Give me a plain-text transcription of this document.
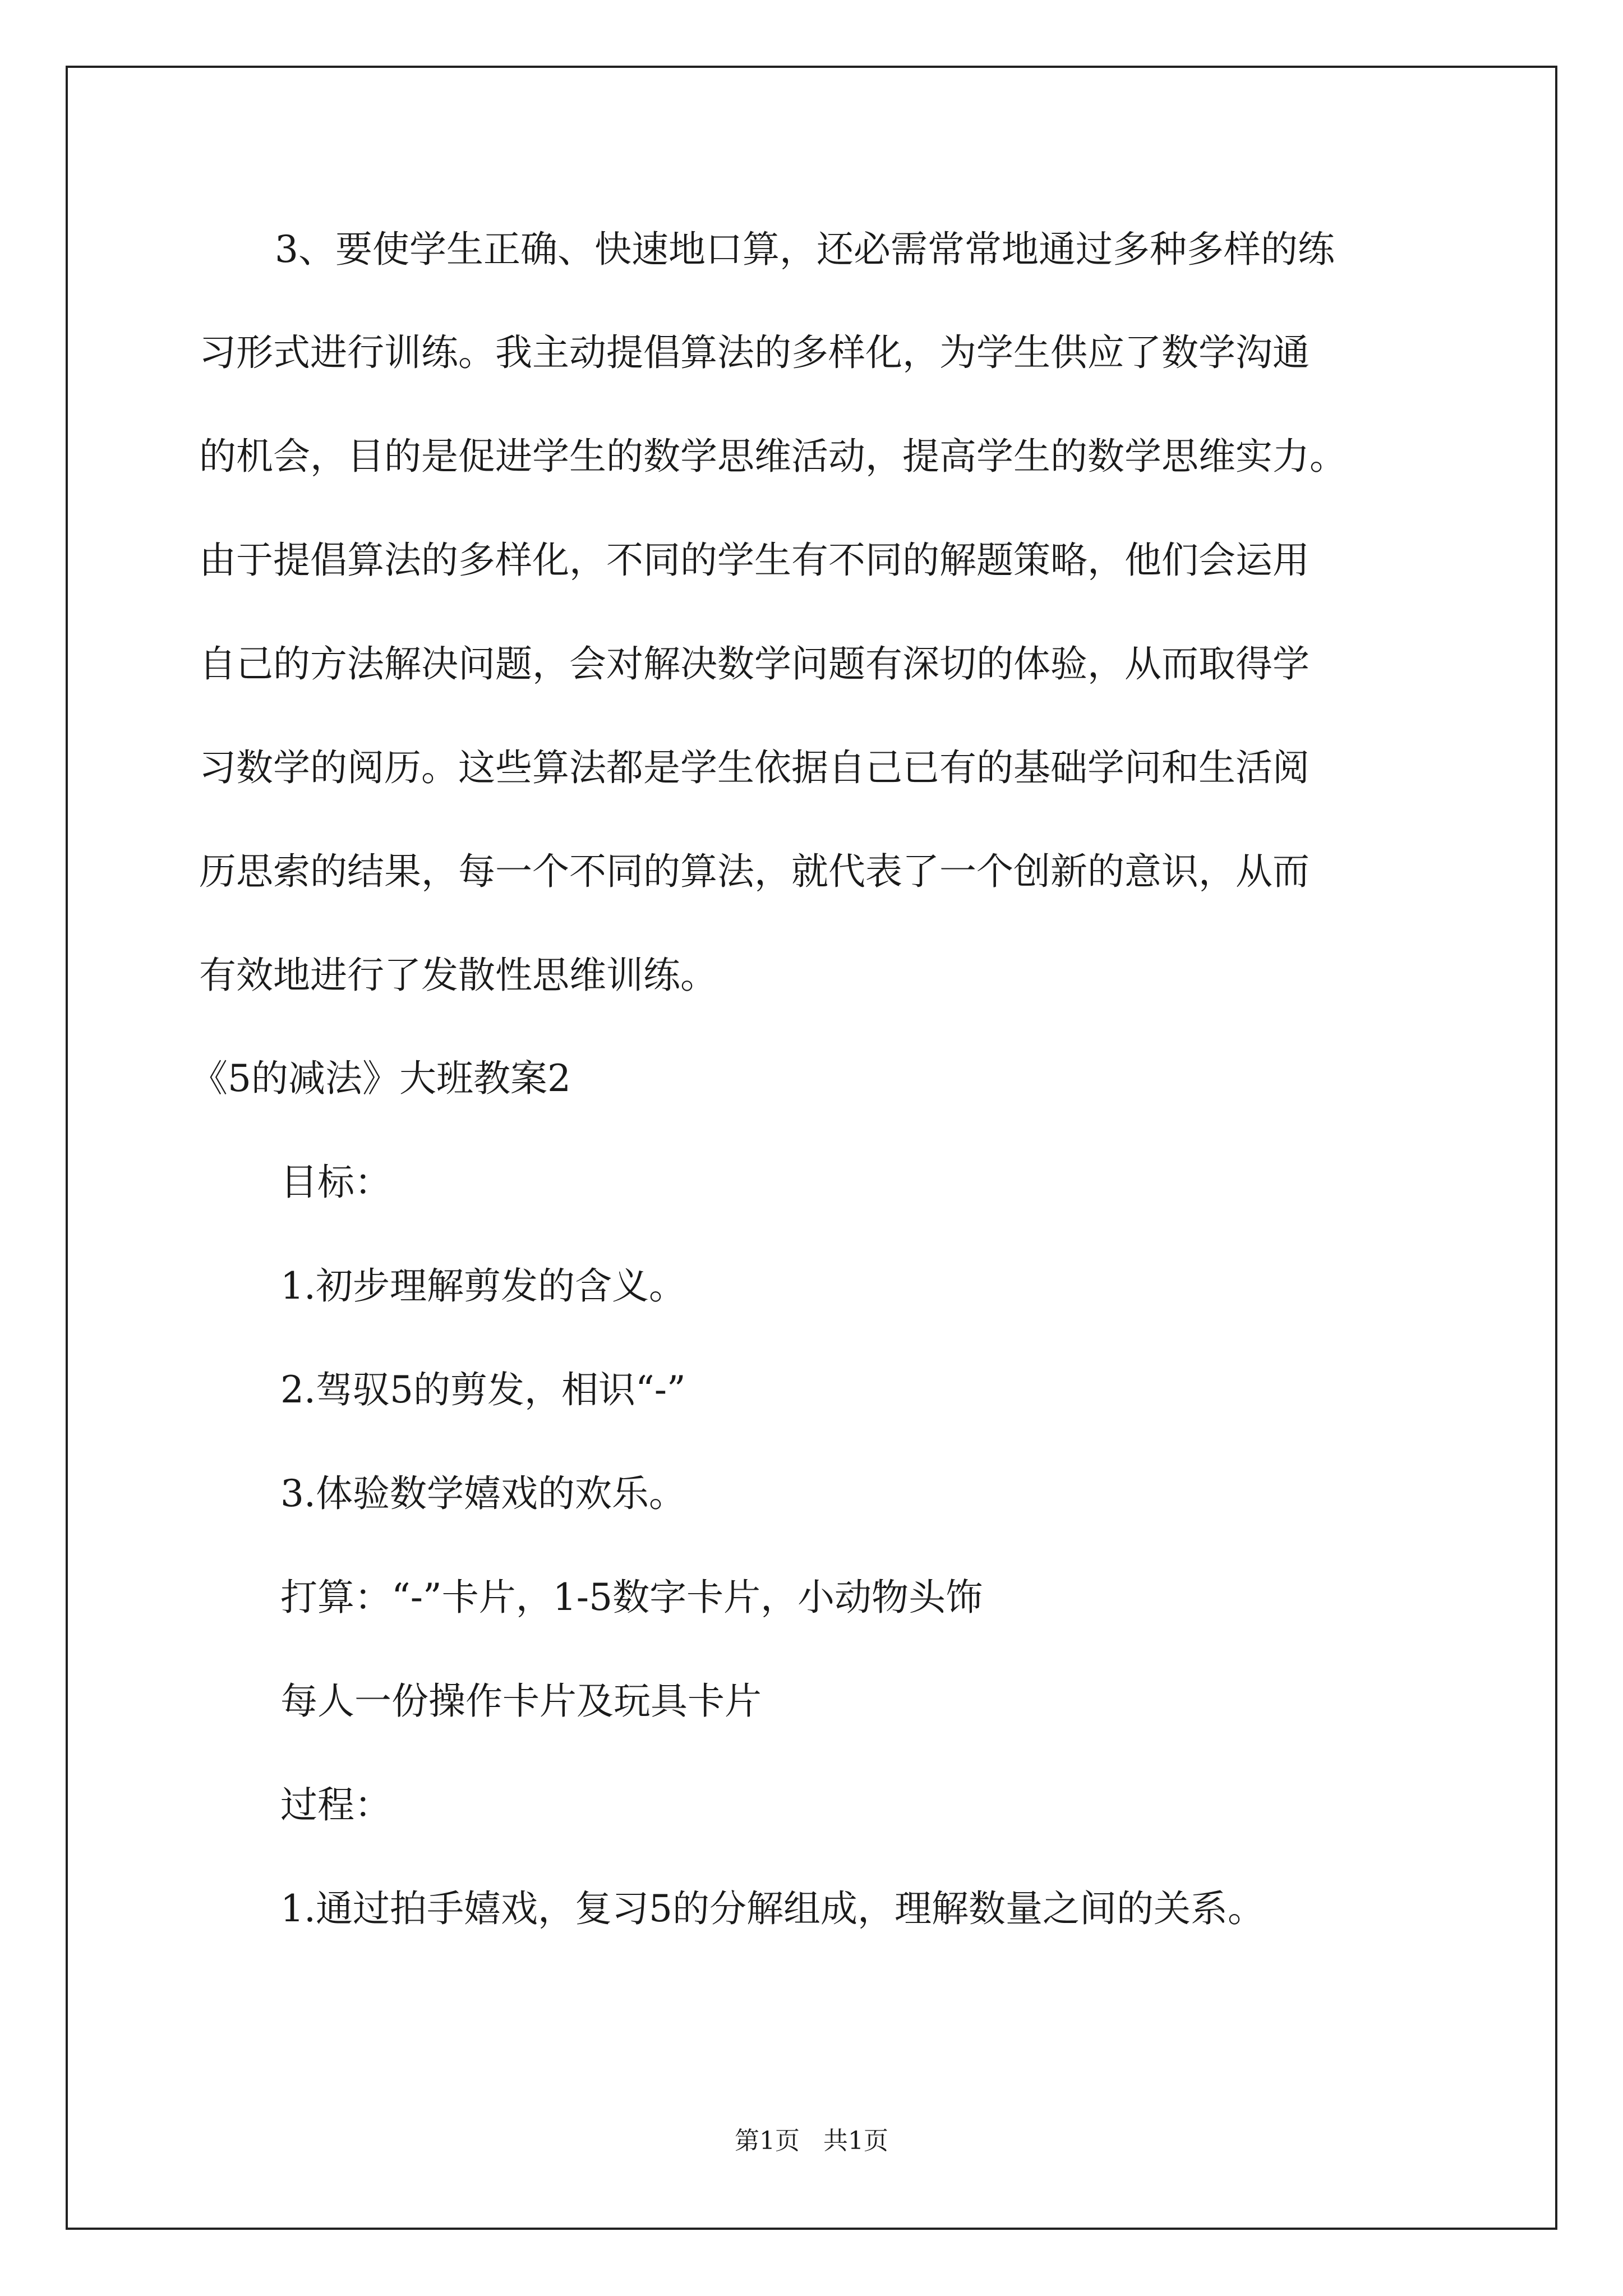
3、要使学生正确、快速地口算，还必需常常地通过多种多样的练
习形式进行训练。我主动提倡算法的多样化，为学生供应了数学沟通
的机会，目的是促进学生的数学思维活动，提高学生的数学思维实力。
由于提倡算法的多样化，不同的学生有不同的解题策略，他们会运用
自己的方法解决问题，会对解决数学问题有深切的体验，从而取得学
习数学的阅历。这些算法都是学生依据自己已有的基础学问和生活阅
历思索的结果，每一个不同的算法，就代表了一个创新的意识，从而
有效地进行了发散性思维训练。
《5的减法》大班教案2
目标：
1.初步理解剪发的含义。
2.驾驭5的剪发，相识“-”
3.体验数学嬉戏的欢乐。
打算：“-”卡片，1-5数字卡片，小动物头饰
每人一份操作卡片及玩具卡片
过程：
1.通过拍手嬉戏，复习5的分解组成，理解数量之间的关系。
第1页   共1页
